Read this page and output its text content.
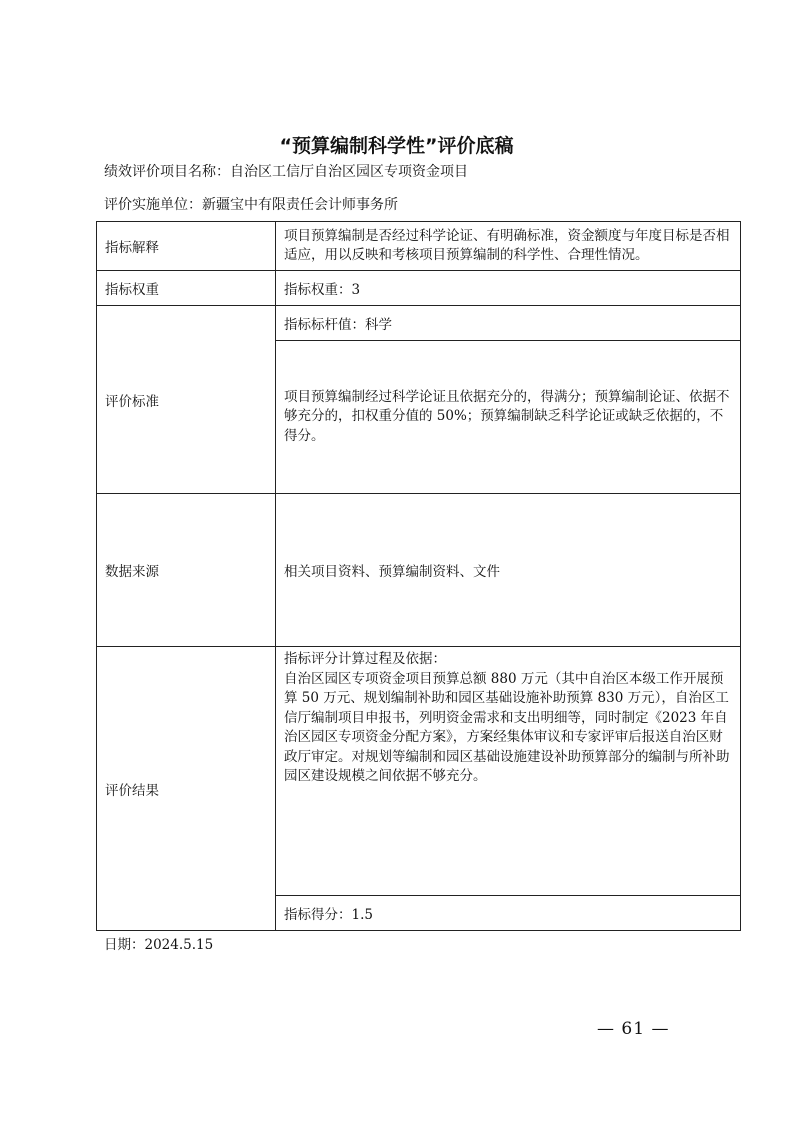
“预算编制科学性”评价底稿
绩效评价项目名称：自治区工信厅自治区园区专项资金项目
评价实施单位：新疆宝中有限责任会计师事务所
指标解释	项目预算编制是否经过科学论证、有明确标准，资金额度与年度目标是否相适应，用以反映和考核项目预算编制的科学性、合理性情况。
指标权重	指标权重：3
评价标准	指标标杆值：科学
	项目预算编制经过科学论证且依据充分的，得满分；预算编制论证、依据不够充分的，扣权重分值的 50%；预算编制缺乏科学论证或缺乏依据的，不得分。
数据来源	相关项目资料、预算编制资料、文件
评价结果	指标评分计算过程及依据：
自治区园区专项资金项目预算总额 880 万元（其中自治区本级工作开展预算 50 万元、规划编制补助和园区基础设施补助预算 830 万元），自治区工信厅编制项目申报书，列明资金需求和支出明细等，同时制定《2023 年自治区园区专项资金分配方案》，方案经集体审议和专家评审后报送自治区财政厅审定。对规划等编制和园区基础设施建设补助预算部分的编制与所补助园区建设规模之间依据不够充分。

	指标得分：1.5
日期：2024.5.15
— 61 —
